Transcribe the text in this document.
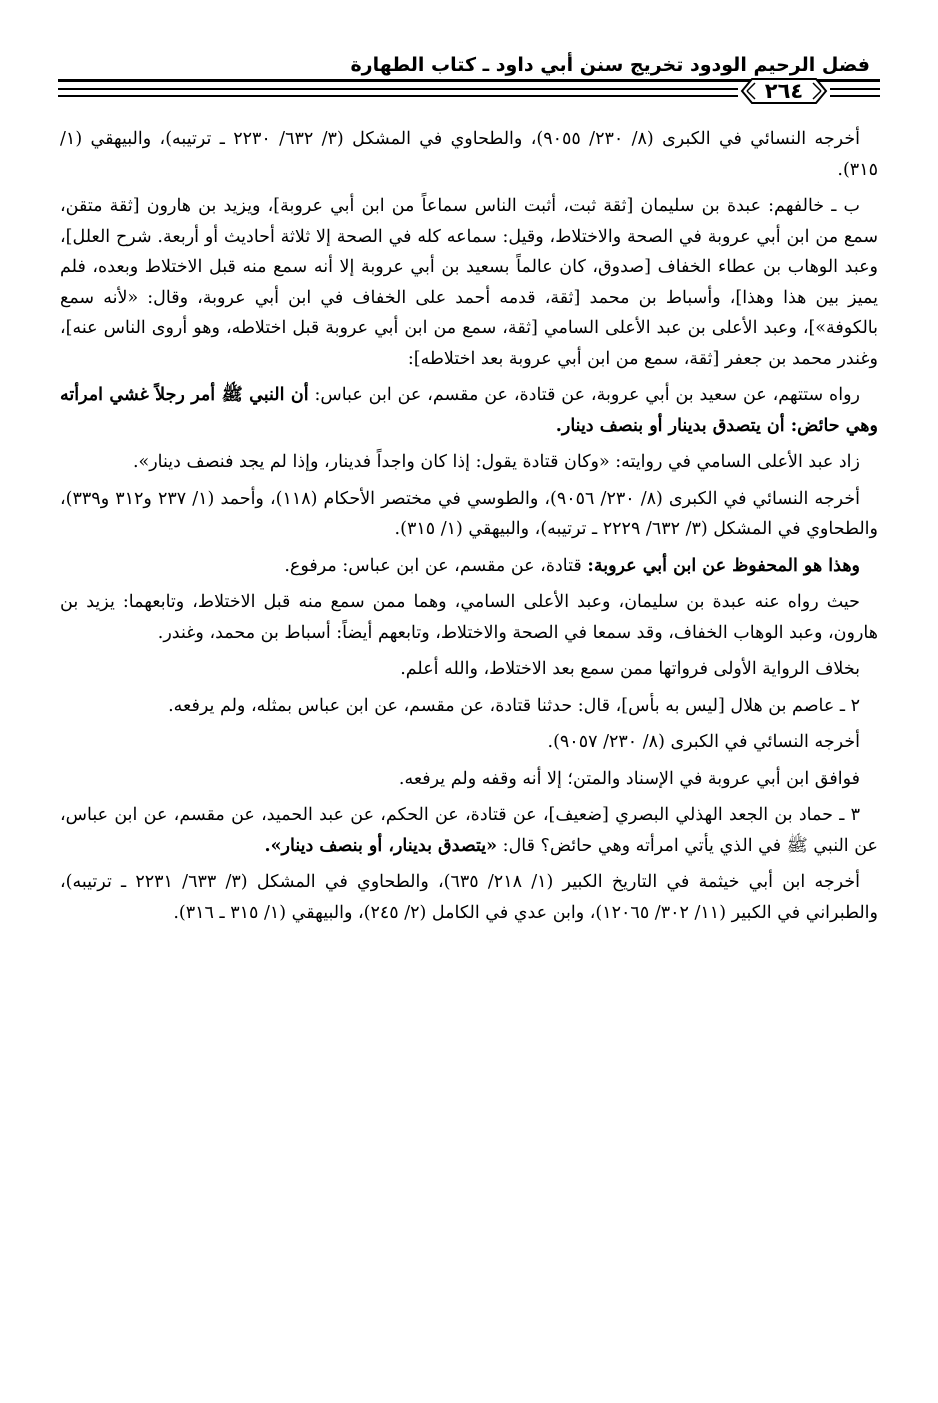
فضل الرحيم الودود تخريج سنن أبي داود ـ كتاب الطهارة
٢٦٤

أخرجه النسائي في الكبرى (٨/ ٢٣٠/ ٩٠٥٥)، والطحاوي في المشكل (٣/ ٦٣٢/ ٢٢٣٠ ـ ترتيبه)، والبيهقي (١/ ٣١٥).

ب ـ خالفهم: عبدة بن سليمان [ثقة ثبت، أثبت الناس سماعاً من ابن أبي عروبة]، ويزيد بن هارون [ثقة متقن، سمع من ابن أبي عروبة في الصحة والاختلاط، وقيل: سماعه كله في الصحة إلا ثلاثة أحاديث أو أربعة. شرح العلل]، وعبد الوهاب بن عطاء الخفاف [صدوق، كان عالماً بسعيد بن أبي عروبة إلا أنه سمع منه قبل الاختلاط وبعده، فلم يميز بين هذا وهذا]، وأسباط بن محمد [ثقة، قدمه أحمد على الخفاف في ابن أبي عروبة، وقال: «لأنه سمع بالكوفة»]، وعبد الأعلى بن عبد الأعلى السامي [ثقة، سمع من ابن أبي عروبة قبل اختلاطه، وهو أروى الناس عنه]، وغندر محمد بن جعفر [ثقة، سمع من ابن أبي عروبة بعد اختلاطه]:

رواه ستتهم، عن سعيد بن أبي عروبة، عن قتادة، عن مقسم، عن ابن عباس: أن النبي ﷺ أمر رجلاً غشي امرأته وهي حائض: أن يتصدق بدينار أو بنصف دينار.

زاد عبد الأعلى السامي في روايته: «وكان قتادة يقول: إذا كان واجداً فدينار، وإذا لم يجد فنصف دينار».

أخرجه النسائي في الكبرى (٨/ ٢٣٠/ ٩٠٥٦)، والطوسي في مختصر الأحكام (١١٨)، وأحمد (١/ ٢٣٧ و٣١٢ و٣٣٩)، والطحاوي في المشكل (٣/ ٦٣٢/ ٢٢٢٩ ـ ترتيبه)، والبيهقي (١/ ٣١٥).

وهذا هو المحفوظ عن ابن أبي عروبة: قتادة، عن مقسم، عن ابن عباس: مرفوع.

حيث رواه عنه عبدة بن سليمان، وعبد الأعلى السامي، وهما ممن سمع منه قبل الاختلاط، وتابعهما: يزيد بن هارون، وعبد الوهاب الخفاف، وقد سمعا في الصحة والاختلاط، وتابعهم أيضاً: أسباط بن محمد، وغندر.

بخلاف الرواية الأولى فرواتها ممن سمع بعد الاختلاط، والله أعلم.

٢ ـ عاصم بن هلال [ليس به بأس]، قال: حدثنا قتادة، عن مقسم، عن ابن عباس بمثله، ولم يرفعه.

أخرجه النسائي في الكبرى (٨/ ٢٣٠/ ٩٠٥٧).

فوافق ابن أبي عروبة في الإسناد والمتن؛ إلا أنه وقفه ولم يرفعه.

٣ ـ حماد بن الجعد الهذلي البصري [ضعيف]، عن قتادة، عن الحكم، عن عبد الحميد، عن مقسم، عن ابن عباس، عن النبي ﷺ في الذي يأتي امرأته وهي حائض؟ قال: «يتصدق بدينار، أو بنصف دينار».

أخرجه ابن أبي خيثمة في التاريخ الكبير (١/ ٢١٨/ ٦٣٥)، والطحاوي في المشكل (٣/ ٦٣٣/ ٢٢٣١ ـ ترتيبه)، والطبراني في الكبير (١١/ ٣٠٢/ ١٢٠٦٥)، وابن عدي في الكامل (٢/ ٢٤٥)، والبيهقي (١/ ٣١٥ ـ ٣١٦).
